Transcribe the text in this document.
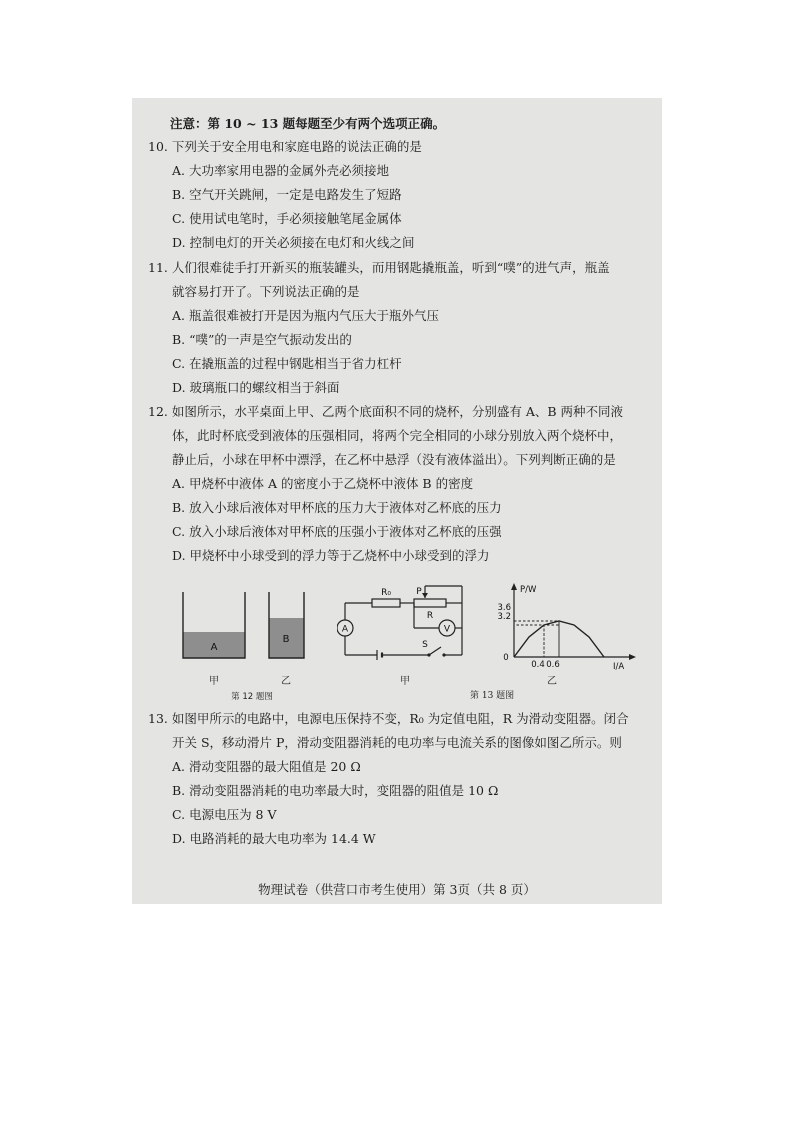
注意：第 10 ~ 13 题每题至少有两个选项正确。
10. 下列关于安全用电和家庭电路的说法正确的是
A. 大功率家用电器的金属外壳必须接地
B. 空气开关跳闸，一定是电路发生了短路
C. 使用试电笔时，手必须接触笔尾金属体
D. 控制电灯的开关必须接在电灯和火线之间
11. 人们很难徒手打开新买的瓶装罐头，而用钢匙撬瓶盖，听到“噗”的进气声，瓶盖
就容易打开了。下列说法正确的是
A. 瓶盖很难被打开是因为瓶内气压大于瓶外气压
B. “噗”的一声是空气振动发出的
C. 在撬瓶盖的过程中钢匙相当于省力杠杆
D. 玻璃瓶口的螺纹相当于斜面
12. 如图所示，水平桌面上甲、乙两个底面积不同的烧杯，分别盛有 A、B 两种不同液
体，此时杯底受到液体的压强相同，将两个完全相同的小球分别放入两个烧杯中，
静止后，小球在甲杯中漂浮，在乙杯中悬浮（没有液体溢出）。下列判断正确的是
A. 甲烧杯中液体 A 的密度小于乙烧杯中液体 B 的密度
B. 放入小球后液体对甲杯底的压力大于液体对乙杯底的压力
C. 放入小球后液体对甲杯底的压强小于液体对乙杯底的压强
D. 甲烧杯中小球受到的浮力等于乙烧杯中小球受到的浮力
A
B
甲	乙
第 12 题图
A	V
R₀	P
R
S
甲
P/W
I/A
0
3.6
3.2
0.4 0.6
乙
第 13 题图
13. 如图甲所示的电路中，电源电压保持不变，R₀ 为定值电阻，R 为滑动变阻器。闭合
开关 S，移动滑片 P，滑动变阻器消耗的电功率与电流关系的图像如图乙所示。则
A. 滑动变阻器的最大阻值是 20 Ω
B. 滑动变阻器消耗的电功率最大时，变阻器的阻值是 10 Ω
C. 电源电压为 8 V
D. 电路消耗的最大电功率为 14.4 W
物理试卷（供营口市考生使用）第 3页（共 8 页）
